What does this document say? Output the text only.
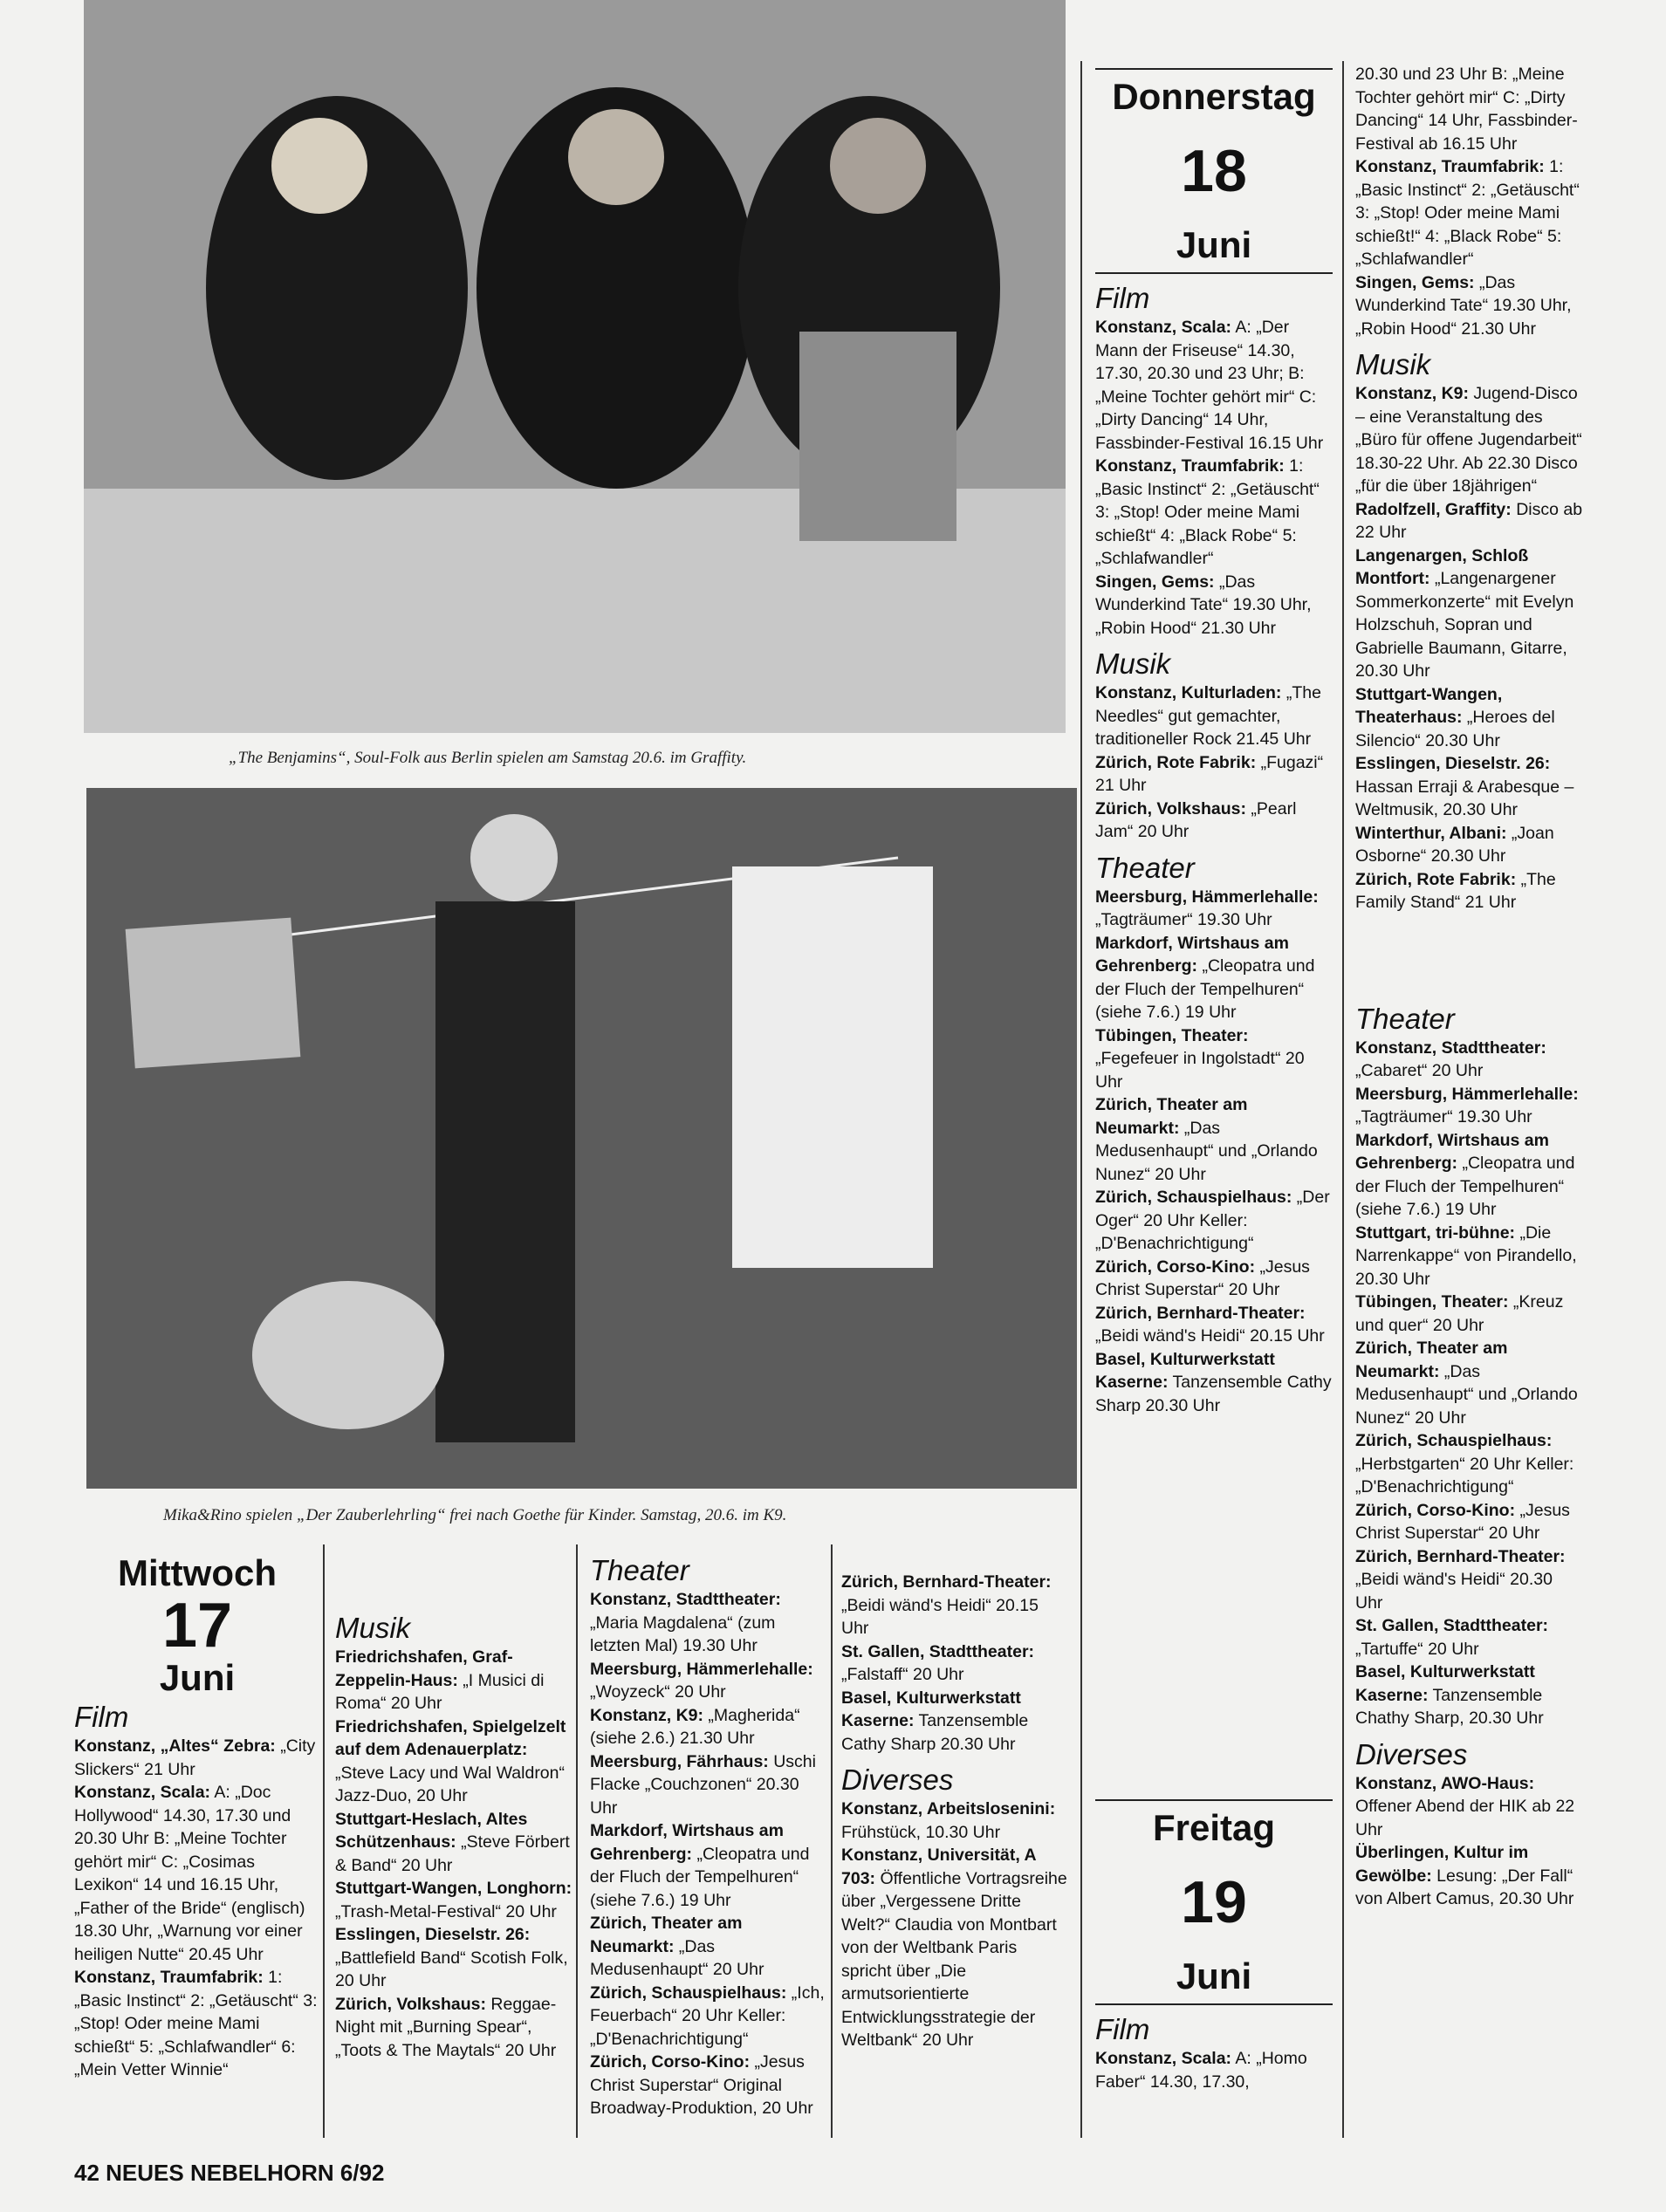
„The Benjamins“, Soul-Folk aus Berlin spielen am Samstag 20.6. im Graffity.
Mika&Rino spielen „Der Zauberlehrling“ frei nach Goethe für Kinder. Samstag, 20.6. im K9.
Mittwoch
17
Juni
Film

Konstanz, „Altes“ Zebra: „City Slickers“ 21 Uhr

Konstanz, Scala: A: „Doc Hollywood“ 14.30, 17.30 und 20.30 Uhr B: „Meine Tochter gehört mir“ C: „Cosimas Lexikon“ 14 und 16.15 Uhr, „Father of the Bride“ (englisch) 18.30 Uhr, „Warnung vor einer heiligen Nutte“ 20.45 Uhr

Konstanz, Traumfabrik: 1: „Basic Instinct“ 2: „Getäuscht“ 3: „Stop! Oder meine Mami schießt“ 5: „Schlafwandler“ 6: „Mein Vetter Winnie“

Musik

Friedrichshafen, Graf-Zeppelin-Haus: „I Musici di Roma“ 20 Uhr

Friedrichshafen, Spielgelzelt auf dem Adenauerplatz: „Steve Lacy und Wal Waldron“ Jazz-Duo, 20 Uhr

Stuttgart-Heslach, Altes Schützenhaus: „Steve Förbert & Band“ 20 Uhr

Stuttgart-Wangen, Longhorn: „Trash-Metal-Festival“ 20 Uhr

Esslingen, Dieselstr. 26: „Battlefield Band“ Scotish Folk, 20 Uhr

Zürich, Volkshaus: Reggae-Night mit „Burning Spear“, „Toots & The Maytals“ 20 Uhr

Theater

Konstanz, Stadttheater: „Maria Magdalena“ (zum letzten Mal) 19.30 Uhr

Meersburg, Hämmerlehalle: „Woyzeck“ 20 Uhr

Konstanz, K9: „Magherida“ (siehe 2.6.) 21.30 Uhr

Meersburg, Fährhaus: Uschi Flacke „Couchzonen“ 20.30 Uhr

Markdorf, Wirtshaus am Gehrenberg: „Cleopatra und der Fluch der Tempelhuren“ (siehe 7.6.) 19 Uhr

Zürich, Theater am Neumarkt: „Das Medusenhaupt“ 20 Uhr

Zürich, Schauspielhaus: „Ich, Feuerbach“ 20 Uhr Keller: „D'Benachrichtigung“

Zürich, Corso-Kino: „Jesus Christ Superstar“ Original Broadway-Produktion, 20 Uhr

Zürich, Bernhard-Theater: „Beidi wänd's Heidi“ 20.15 Uhr

St. Gallen, Stadttheater: „Falstaff“ 20 Uhr

Basel, Kulturwerkstatt Kaserne: Tanzensemble Cathy Sharp 20.30 Uhr

Diverses

Konstanz, Arbeitslosenini: Frühstück, 10.30 Uhr

Konstanz, Universität, A 703: Öffentliche Vortragsreihe über „Vergessene Dritte Welt?“ Claudia von Montbart von der Weltbank Paris spricht über „Die armutsorientierte Entwicklungsstrategie der Weltbank“ 20 Uhr

Donnerstag
18
Juni
Film

Konstanz, Scala: A: „Der Mann der Friseuse“ 14.30, 17.30, 20.30 und 23 Uhr; B: „Meine Tochter gehört mir“ C: „Dirty Dancing“ 14 Uhr, Fassbinder-Festival 16.15 Uhr

Konstanz, Traumfabrik: 1: „Basic Instinct“ 2: „Getäuscht“ 3: „Stop! Oder meine Mami schießt“ 4: „Black Robe“ 5: „Schlafwandler“

Singen, Gems: „Das Wunderkind Tate“ 19.30 Uhr, „Robin Hood“ 21.30 Uhr

Musik

Konstanz, Kulturladen: „The Needles“ gut gemachter, traditioneller Rock 21.45 Uhr

Zürich, Rote Fabrik: „Fugazi“ 21 Uhr

Zürich, Volkshaus: „Pearl Jam“ 20 Uhr

Theater

Meersburg, Hämmerlehalle: „Tagträumer“ 19.30 Uhr

Markdorf, Wirtshaus am Gehrenberg: „Cleopatra und der Fluch der Tempelhuren“ (siehe 7.6.) 19 Uhr

Tübingen, Theater: „Fegefeuer in Ingolstadt“ 20 Uhr

Zürich, Theater am Neumarkt: „Das Medusenhaupt“ und „Orlando Nunez“ 20 Uhr

Zürich, Schauspielhaus: „Der Oger“ 20 Uhr Keller: „D'Benachrichtigung“

Zürich, Corso-Kino: „Jesus Christ Superstar“ 20 Uhr

Zürich, Bernhard-Theater: „Beidi wänd's Heidi“ 20.15 Uhr

Basel, Kulturwerkstatt Kaserne: Tanzensemble Cathy Sharp 20.30 Uhr

Freitag
19
Juni
Film

Konstanz, Scala: A: „Homo Faber“ 14.30, 17.30,

20.30 und 23 Uhr B: „Meine Tochter gehört mir“ C: „Dirty Dancing“ 14 Uhr, Fassbinder-Festival ab 16.15 Uhr

Konstanz, Traumfabrik: 1: „Basic Instinct“ 2: „Getäuscht“ 3: „Stop! Oder meine Mami schießt!“ 4: „Black Robe“ 5: „Schlafwandler“

Singen, Gems: „Das Wunderkind Tate“ 19.30 Uhr, „Robin Hood“ 21.30 Uhr

Musik

Konstanz, K9: Jugend-Disco – eine Veranstaltung des „Büro für offene Jugendarbeit“ 18.30-22 Uhr. Ab 22.30 Disco „für die über 18jährigen“

Radolfzell, Graffity: Disco ab 22 Uhr

Langenargen, Schloß Montfort: „Langenargener Sommerkonzerte“ mit Evelyn Holzschuh, Sopran und Gabrielle Baumann, Gitarre, 20.30 Uhr

Stuttgart-Wangen, Theaterhaus: „Heroes del Silencio“ 20.30 Uhr

Esslingen, Dieselstr. 26: Hassan Erraji & Arabesque – Weltmusik, 20.30 Uhr

Winterthur, Albani: „Joan Osborne“ 20.30 Uhr

Zürich, Rote Fabrik: „The Family Stand“ 21 Uhr

Theater

Konstanz, Stadttheater: „Cabaret“ 20 Uhr

Meersburg, Hämmerlehalle: „Tagträumer“ 19.30 Uhr

Markdorf, Wirtshaus am Gehrenberg: „Cleopatra und der Fluch der Tempelhuren“ (siehe 7.6.) 19 Uhr

Stuttgart, tri-bühne: „Die Narrenkappe“ von Pirandello, 20.30 Uhr

Tübingen, Theater: „Kreuz und quer“ 20 Uhr

Zürich, Theater am Neumarkt: „Das Medusenhaupt“ und „Orlando Nunez“ 20 Uhr

Zürich, Schauspielhaus: „Herbstgarten“ 20 Uhr Keller: „D'Benachrichtigung“

Zürich, Corso-Kino: „Jesus Christ Superstar“ 20 Uhr

Zürich, Bernhard-Theater: „Beidi wänd's Heidi“ 20.30 Uhr

St. Gallen, Stadttheater: „Tartuffe“ 20 Uhr

Basel, Kulturwerkstatt Kaserne: Tanzensemble Chathy Sharp, 20.30 Uhr

Diverses

Konstanz, AWO-Haus: Offener Abend der HIK ab 22 Uhr

Überlingen, Kultur im Gewölbe: Lesung: „Der Fall“ von Albert Camus, 20.30 Uhr

42 NEUES NEBELHORN 6/92
